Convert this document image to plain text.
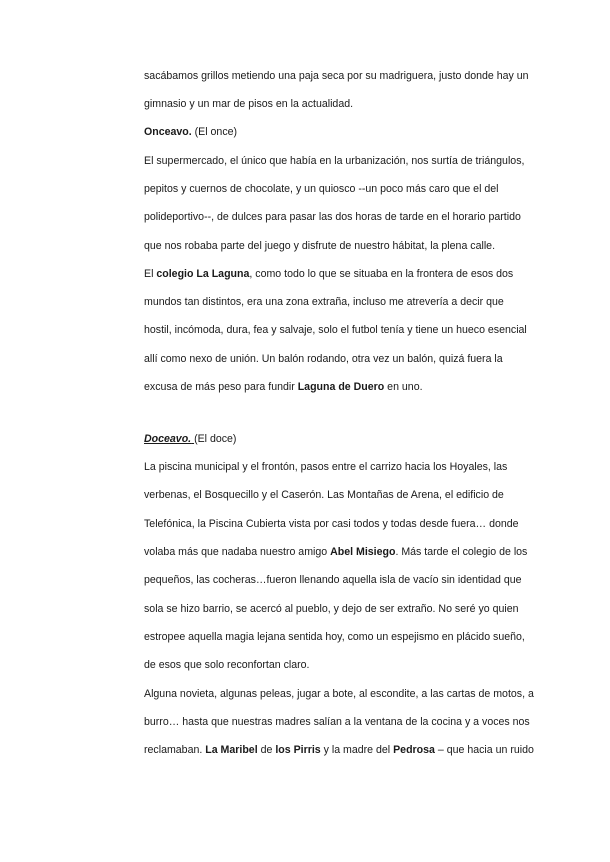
sacábamos grillos metiendo una paja seca por su madriguera, justo donde hay un

gimnasio y un mar de pisos en la actualidad.

Onceavo. (El once)

El supermercado, el único que había en la urbanización, nos surtía de triángulos,

pepitos y cuernos de chocolate, y un quiosco --un poco más caro que el del

polideportivo--, de dulces para pasar las dos horas de tarde en el horario partido

que nos robaba parte del juego y disfrute de nuestro hábitat, la plena calle.

El colegio La Laguna, como todo lo que se situaba en la frontera de esos dos

mundos tan distintos, era una zona extraña, incluso me atrevería a decir que

hostil, incómoda, dura, fea y salvaje, solo el futbol tenía y tiene un hueco esencial

allí como nexo de unión. Un balón rodando, otra vez un balón, quizá fuera la

excusa de más peso para fundir Laguna de Duero en uno.

Doceavo. (El doce)

La piscina municipal y el frontón, pasos entre el carrizo hacia los Hoyales, las

verbenas, el Bosquecillo y el Caserón. Las Montañas de Arena, el edificio de

Telefónica, la Piscina Cubierta vista por casi todos y todas desde fuera… donde

volaba más que nadaba nuestro amigo Abel Misiego. Más tarde el colegio de los

pequeños, las cocheras…fueron llenando aquella isla de vacío sin identidad que

sola se hizo barrio, se acercó al pueblo, y dejo de ser extraño. No seré yo quien

estropee aquella magia lejana sentida hoy, como un espejismo en plácido sueño,

de esos que solo reconfortan claro.

Alguna novieta, algunas peleas, jugar a bote, al escondite, a las cartas de motos, a

burro… hasta que nuestras madres salían a la ventana de la cocina y a voces nos

reclamaban. La Maribel de los Pirris y la madre del Pedrosa – que hacia un ruido
